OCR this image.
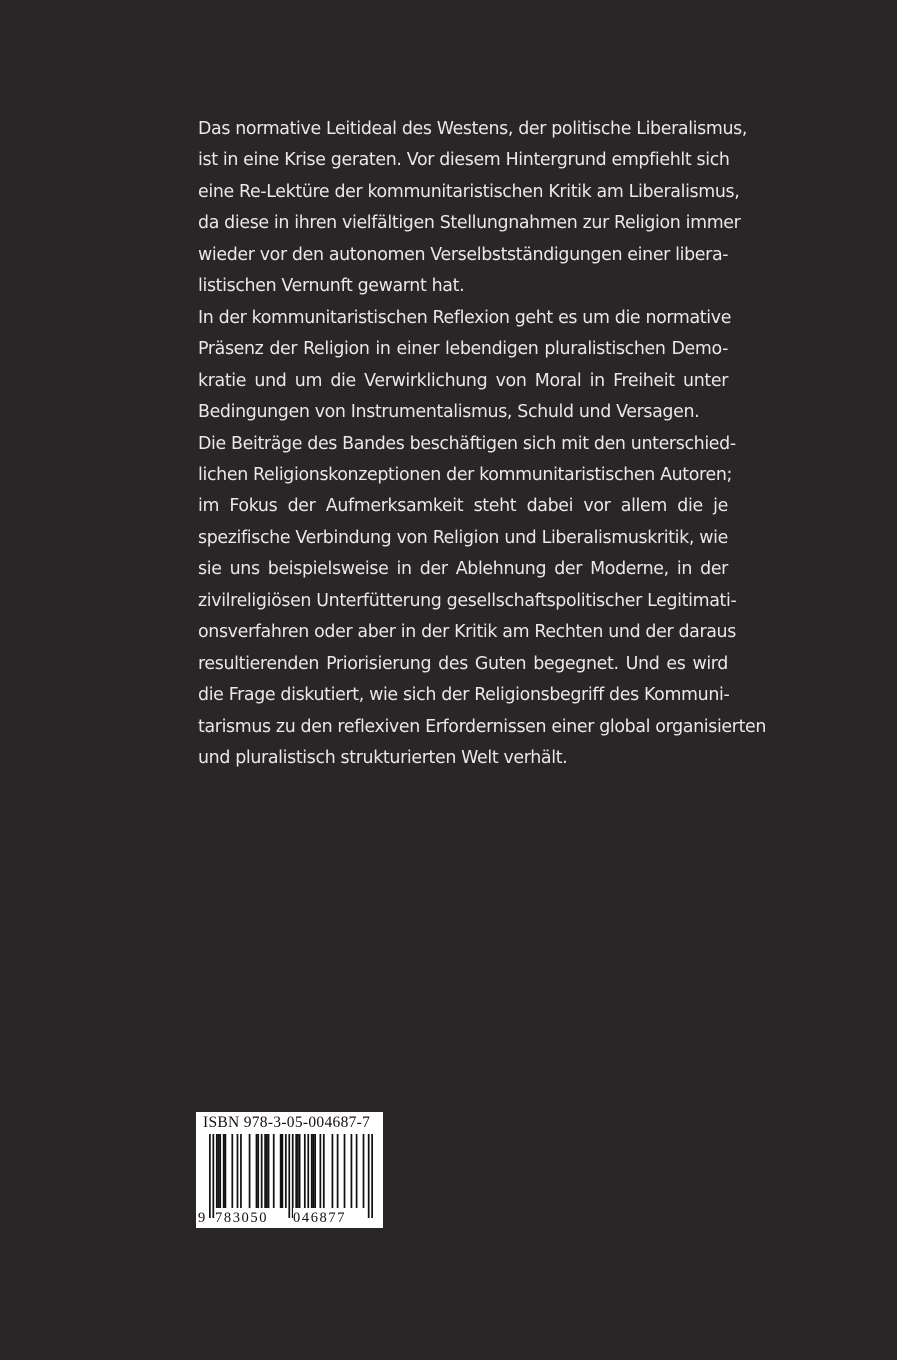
Das normative Leitideal des Westens, der politische Liberalismus,
ist in eine Krise geraten. Vor diesem Hintergrund empfiehlt sich
eine Re-Lektüre der kommunitaristischen Kritik am Liberalismus,
da diese in ihren vielfältigen Stellungnahmen zur Religion immer
wieder vor den autonomen Verselbstständigungen einer libera-
listischen Vernunft gewarnt hat.
In der kommunitaristischen Reflexion geht es um die normative
Präsenz der Religion in einer lebendigen pluralistischen Demo-
kratie und um die Verwirklichung von Moral in Freiheit unter
Bedingungen von Instrumentalismus, Schuld und Versagen.
Die Beiträge des Bandes beschäftigen sich mit den unterschied-
lichen Religionskonzeptionen der kommunitaristischen Autoren;
im Fokus der Aufmerksamkeit steht dabei vor allem die je
spezifische Verbindung von Religion und Liberalismuskritik, wie
sie uns beispielsweise in der Ablehnung der Moderne, in der
zivilreligiösen Unterfütterung gesellschaftspolitischer Legitimati-
onsverfahren oder aber in der Kritik am Rechten und der daraus
resultierenden Priorisierung des Guten begegnet. Und es wird
die Frage diskutiert, wie sich der Religionsbegriff des Kommuni-
tarismus zu den reflexiven Erfordernissen einer global organisierten
und pluralistisch strukturierten Welt verhält.
ISBN 978-3-05-004687-7
9 783050	046877
